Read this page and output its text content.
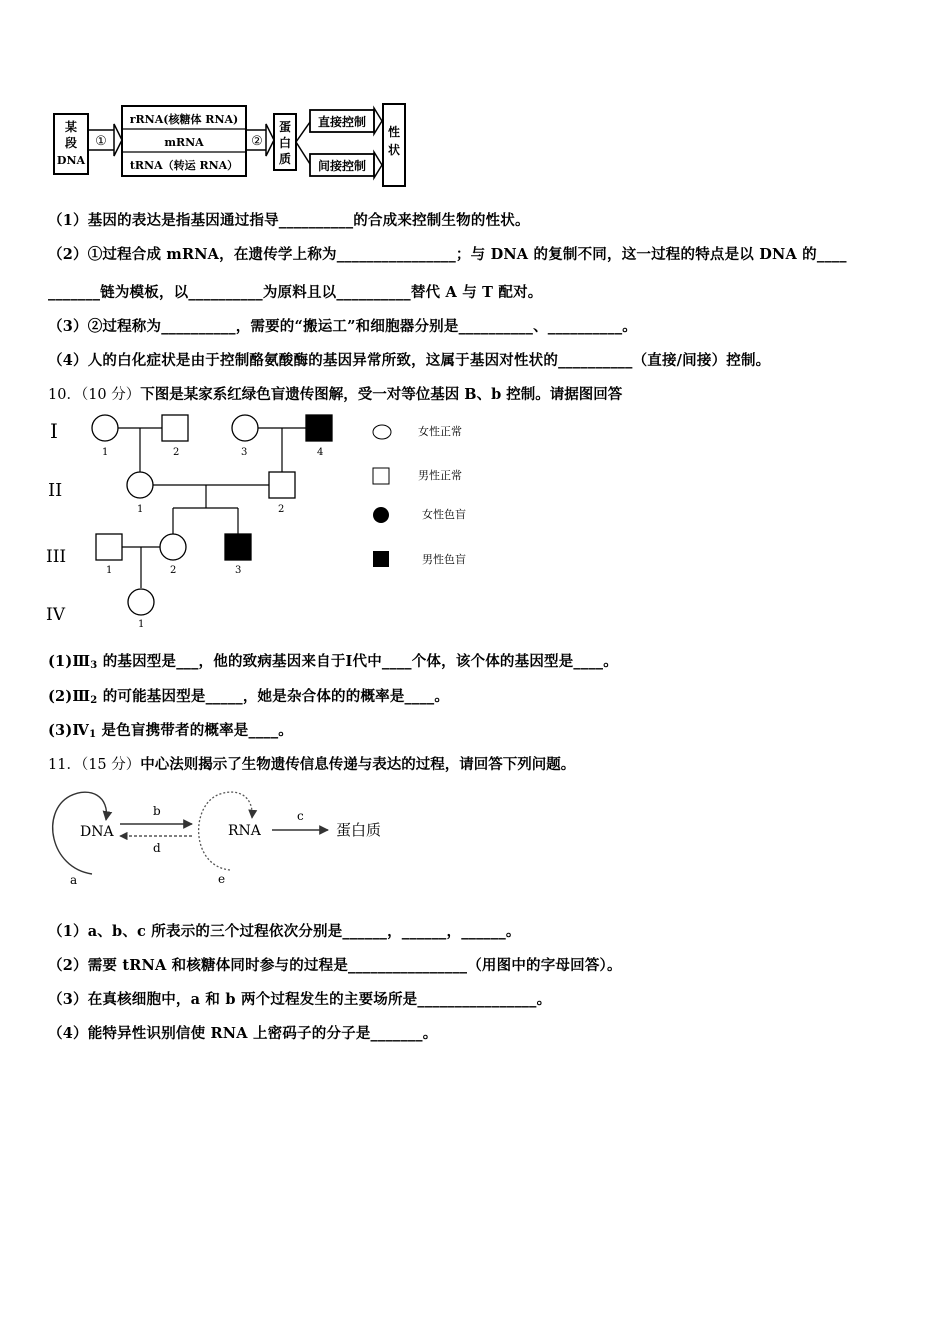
某
段
DNA
①
rRNA(核糖体 RNA)
mRNA
tRNA（转运 RNA）
②
蛋
白
质
直接控制
间接控制
性
状
（1）基因的表达是指基因通过指导__________的合成来控制生物的性状。
（2）①过程合成 mRNA，在遗传学上称为________________；与 DNA 的复制不同，这一过程的特点是以 DNA 的____
_______链为模板，以__________为原料且以__________替代 A 与 T 配对。
（3）②过程称为__________，需要的“搬运工”和细胞器分别是__________、__________。
（4）人的白化症状是由于控制酪氨酸酶的基因异常所致，这属于基因对性状的__________（直接/间接）控制。
10．（10 分）下图是某家系红绿色盲遗传图解，受一对等位基因 B、b 控制。请据图回答
I
II
III
IV
1	2	3	4
1	2
1	2	3
1
女性正常
男性正常
女性色盲
男性色盲
$(1)Ⅲ_3$ 的基因型是___，他的致病基因来自于Ⅰ代中____个体，该个体的基因型是____。
$(2)Ⅲ_2$ 的可能基因型是_____，她是杂合体的的概率是____。
$(3)Ⅳ_1$ 是色盲携带者的概率是____。
11．（15 分）中心法则揭示了生物遗传信息传递与表达的过程，请回答下列问题。
DNA
a
b
d
RNA
e
c
蛋白质
（1）a、b、c 所表示的三个过程依次分别是______，______，______。
（2）需要 tRNA 和核糖体同时参与的过程是________________（用图中的字母回答）。
（3）在真核细胞中，a 和 b 两个过程发生的主要场所是________________。
（4）能特异性识别信使 RNA 上密码子的分子是_______。
